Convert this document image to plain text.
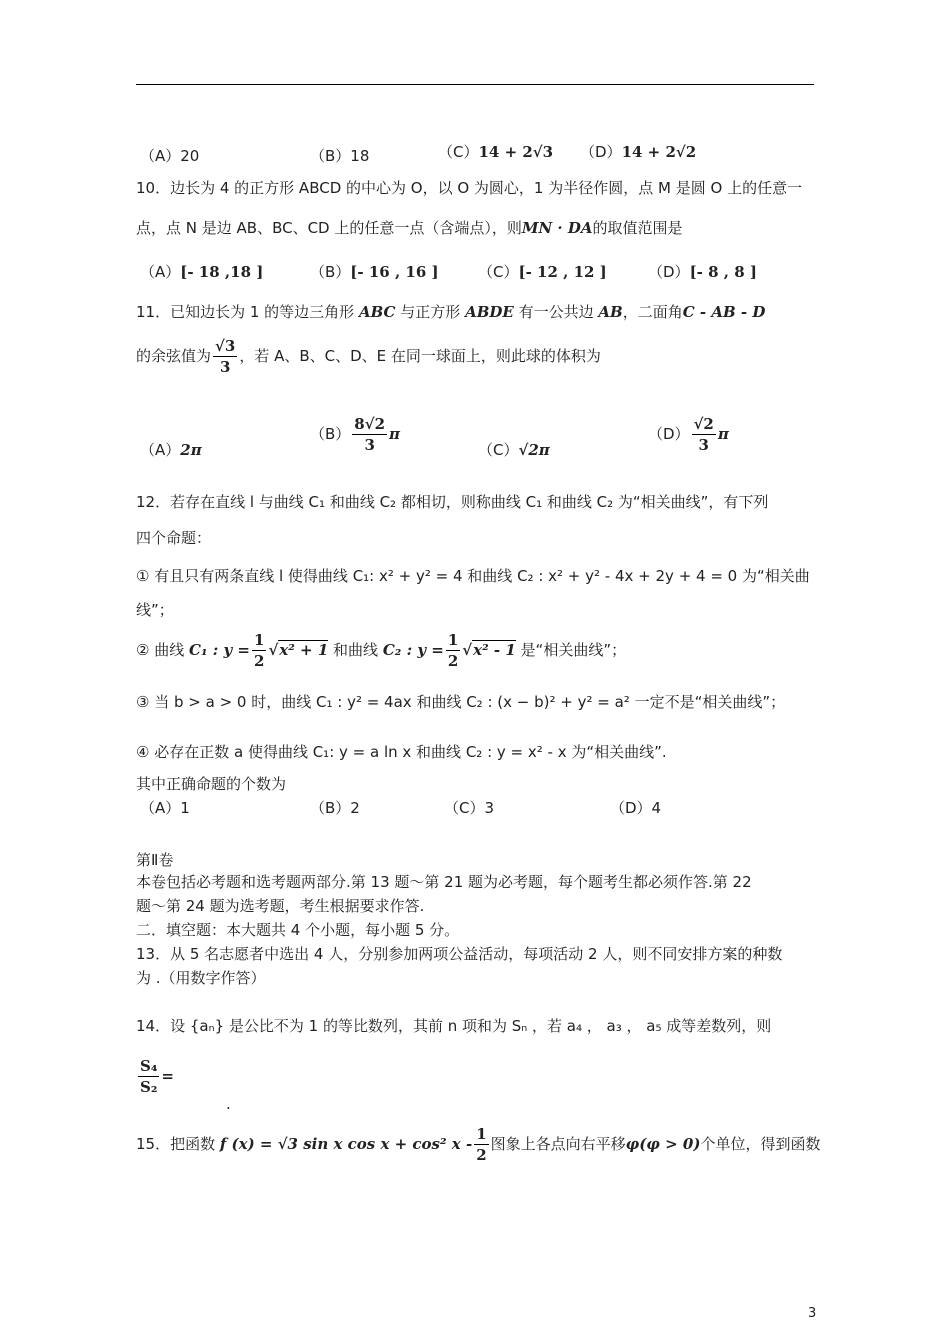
（A）20	（B）18	（C）14 + 2√3 （D）14 + 2√2
10．边长为 4 的正方形 ABCD 的中心为 O，以 O 为圆心，1 为半径作圆，点 M 是圆 O 上的任意一
点，点 N 是边 AB、BC、CD 上的任意一点（含端点），则MN · DA的取值范围是
（A）[- 18 ,18 ]	（B）[- 16 , 16 ]	（C）[- 12 , 12 ]	（D）[- 8 , 8 ]
11．已知边长为 1 的等边三角形 ABC 与正方形 ABDE 有一公共边 AB，二面角C - AB - D
的余弦值为 $\frac{√3}{3}$ ，若 A、B、C、D、E 在同一球面上，则此球的体积为
（A）2π
$(B) \frac{8√2}{3}$ π
（C）√2π
$(D) \frac{√2}{3}$ π
12．若存在直线 l 与曲线 C₁ 和曲线 C₂ 都相切，则称曲线 C₁ 和曲线 C₂ 为“相关曲线”，有下列
四个命题：
① 有且只有两条直线 l 使得曲线 C₁: x² + y² = 4 和曲线 C₂ : x² + y² - 4x + 2y + 4 = 0 为“相关曲
线”；
② 曲线 C₁ : $y = \frac{1}{2} √x^2 + 1$ 和曲线 C₂ : $y = \frac{1}{2} √x^2 - 1$ 是“相关曲线”；
③ 当 b > a > 0 时，曲线 C₁ : y² = 4ax 和曲线 C₂ : (x − b)² + y² = a² 一定不是“相关曲线”；
④ 必存在正数 a 使得曲线 C₁: y = a ln x 和曲线 C₂ : y = x² - x 为“相关曲线”.
其中正确命题的个数为
（A）1	（B）2	（C）3	（D）4
第Ⅱ卷
本卷包括必考题和选考题两部分.第 13 题～第 21 题为必考题，每个题考生都必须作答.第 22
题～第 24 题为选考题，考生根据要求作答.
二．填空题：本大题共 4 个小题，每小题 5 分。
13．从 5 名志愿者中选出 4 人，分别参加两项公益活动，每项活动 2 人，则不同安排方案的种数
为 .（用数字作答）
14．设 {aₙ} 是公比不为 1 的等比数列，其前 n 项和为 Sₙ ，若 a₄ ， a₃ ， a₅ 成等差数列，则
$\frac{\text{S₄}}{\text{S₂}}$ =
.
15．把函数 f (x) = √3 sin x cos x + cos² x - $\frac{1}{2}$ 图象上各点向右平移φ(φ > 0)个单位，得到函数
3
